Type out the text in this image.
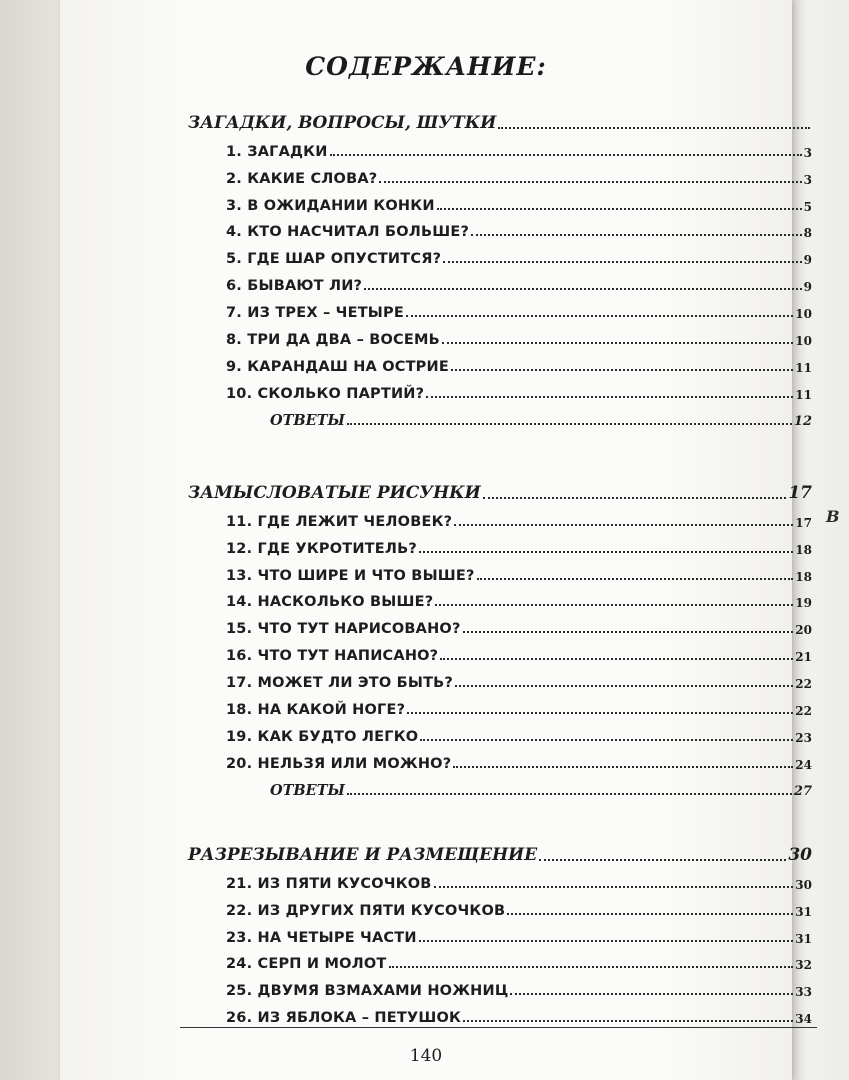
В
СОДЕРЖАНИЕ:
ЗАГАДКИ, ВОПРОСЫ, ШУТКИ
1. ЗАГАДКИ	3
2. КАКИЕ СЛОВА?	3
3. В ОЖИДАНИИ КОНКИ	5
4. КТО НАСЧИТАЛ БОЛЬШЕ?	8
5. ГДЕ ШАР ОПУСТИТСЯ?	9
6. БЫВАЮТ ЛИ?	9
7. ИЗ ТРЕХ – ЧЕТЫРЕ	10
8. ТРИ ДА ДВА – ВОСЕМЬ	10
9. КАРАНДАШ НА ОСТРИЕ	11
10. СКОЛЬКО ПАРТИЙ?	11
ОТВЕТЫ	12
ЗАМЫСЛОВАТЫЕ РИСУНКИ	17
11. ГДЕ ЛЕЖИТ ЧЕЛОВЕК?	17
12. ГДЕ УКРОТИТЕЛЬ?	18
13. ЧТО ШИРЕ И ЧТО ВЫШЕ?	18
14. НАСКОЛЬКО ВЫШЕ?	19
15. ЧТО ТУТ НАРИСОВАНО?	20
16. ЧТО ТУТ НАПИСАНО?	21
17. МОЖЕТ ЛИ ЭТО БЫТЬ?	22
18. НА КАКОЙ НОГЕ?	22
19. КАК БУДТО ЛЕГКО	23
20. НЕЛЬЗЯ ИЛИ МОЖНО?	24
ОТВЕТЫ	27
РАЗРЕЗЫВАНИЕ И РАЗМЕЩЕНИЕ	30
21. ИЗ ПЯТИ КУСОЧКОВ	30
22. ИЗ ДРУГИХ ПЯТИ КУСОЧКОВ	31
23. НА ЧЕТЫРЕ ЧАСТИ	31
24. СЕРП И МОЛОТ	32
25. ДВУМЯ ВЗМАХАМИ НОЖНИЦ	33
26. ИЗ ЯБЛОКА – ПЕТУШОК	34
140
